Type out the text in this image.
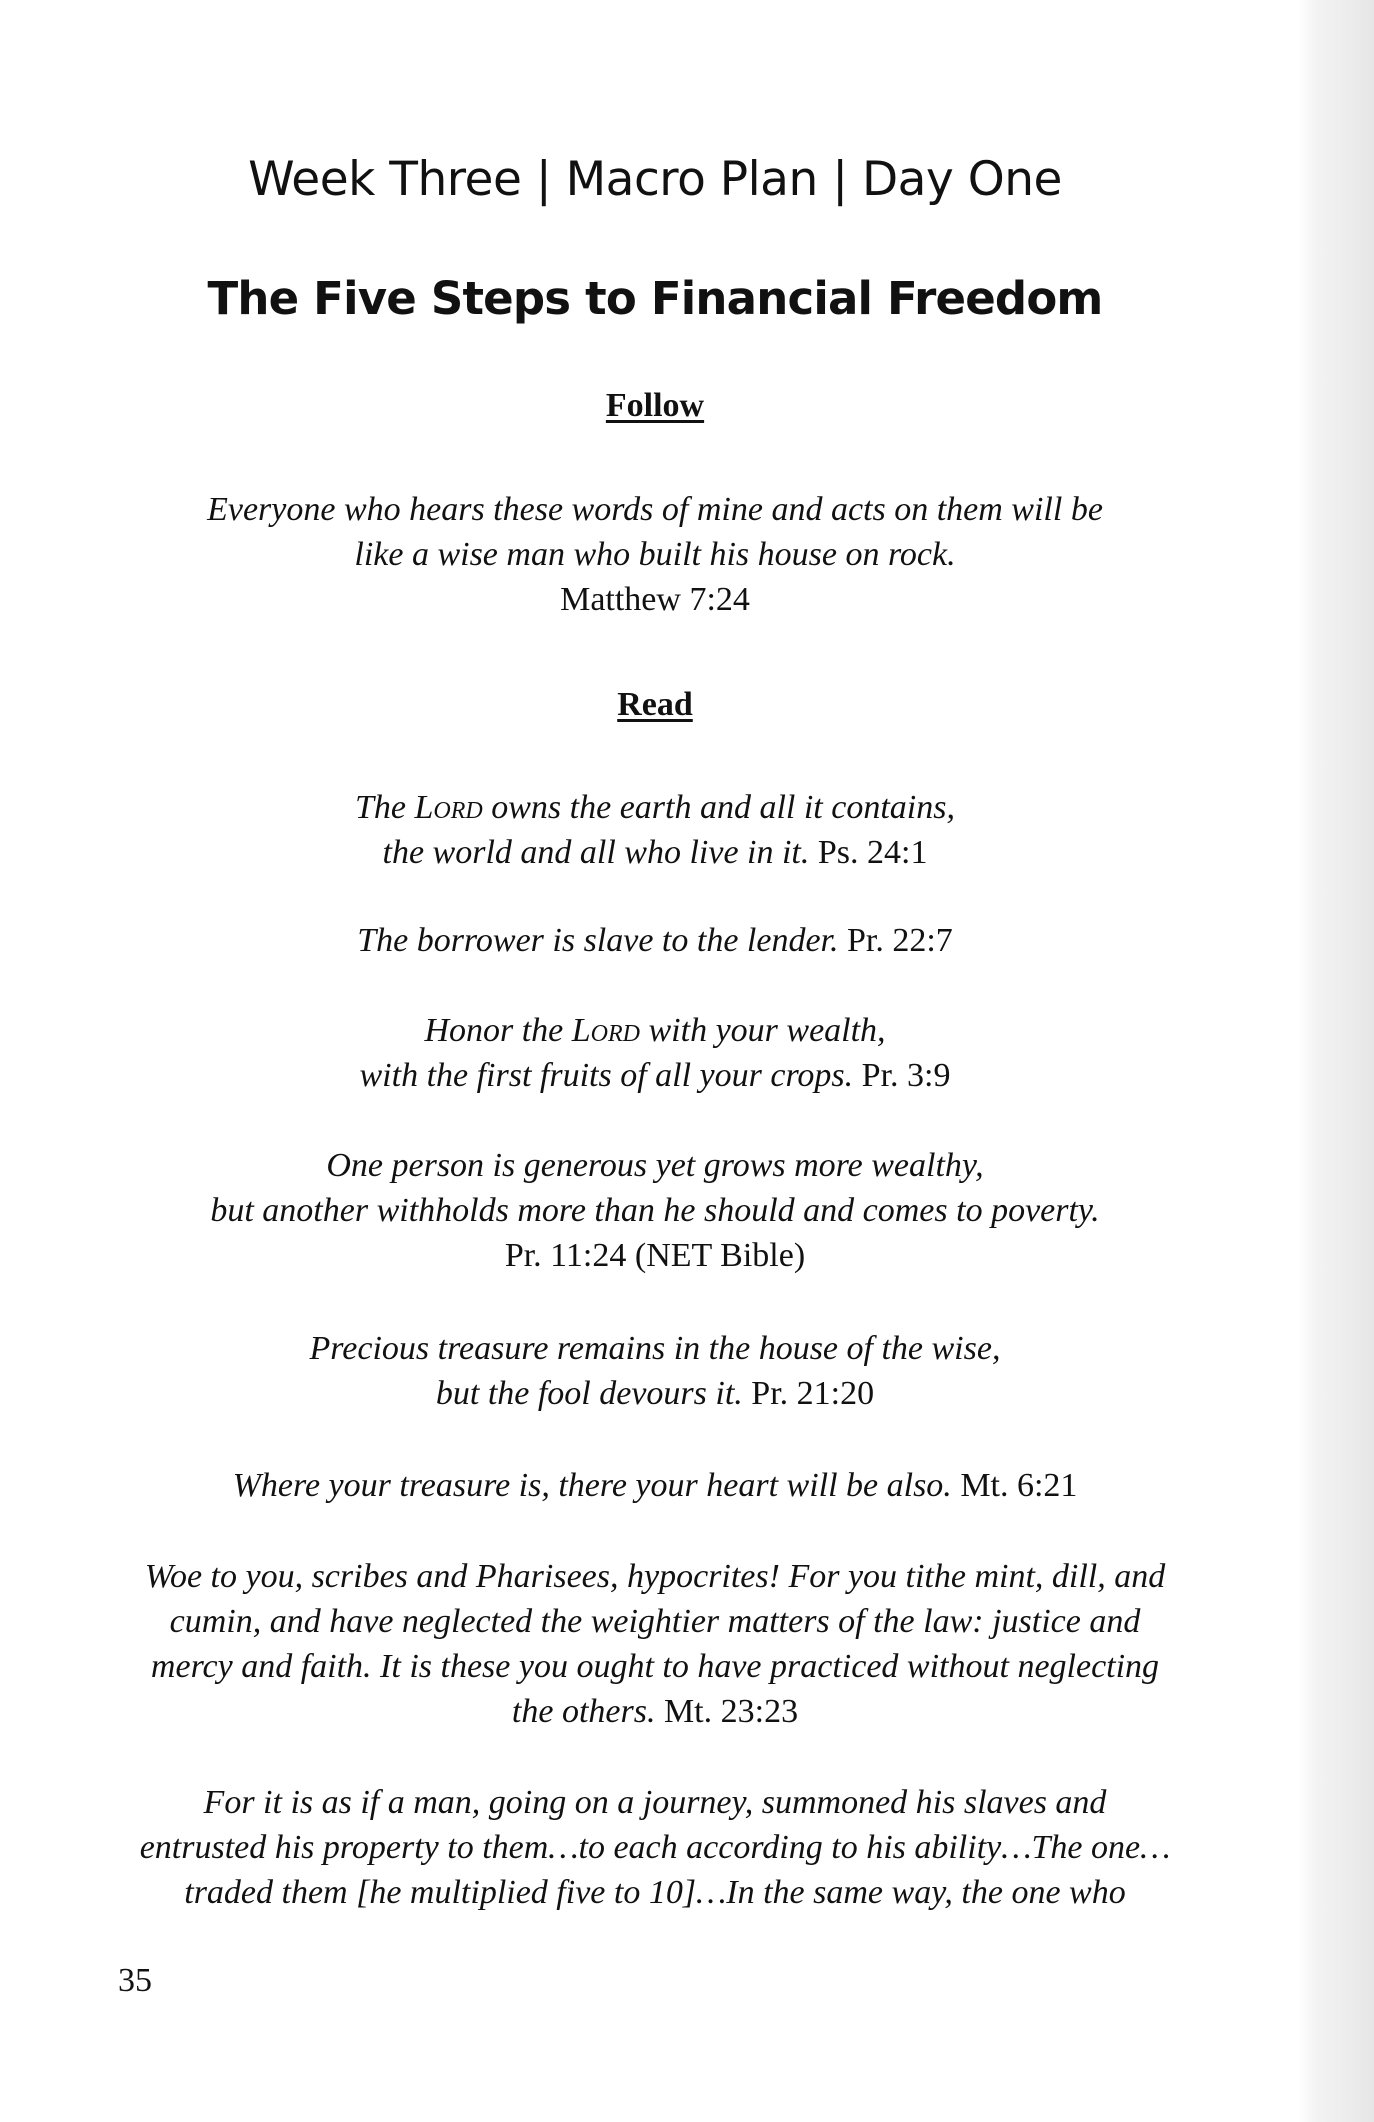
Week Three | Macro Plan | Day One
The Five Steps to Financial Freedom
Follow
Everyone who hears these words of mine and acts on them will be
like a wise man who built his house on rock.
Matthew 7:24
Read
The Lord owns the earth and all it contains,
the world and all who live in it. Ps. 24:1
The borrower is slave to the lender. Pr. 22:7
Honor the Lord with your wealth,
with the first fruits of all your crops. Pr. 3:9
One person is generous yet grows more wealthy,
but another withholds more than he should and comes to poverty.
Pr. 11:24 (NET Bible)
Precious treasure remains in the house of the wise,
but the fool devours it. Pr. 21:20
Where your treasure is, there your heart will be also. Mt. 6:21
Woe to you, scribes and Pharisees, hypocrites! For you tithe mint, dill, and
cumin, and have neglected the weightier matters of the law: justice and
mercy and faith. It is these you ought to have practiced without neglecting
the others. Mt. 23:23
For it is as if a man, going on a journey, summoned his slaves and
entrusted his property to them…to each according to his ability…The one…
traded them [he multiplied five to 10]…In the same way, the one who

35
